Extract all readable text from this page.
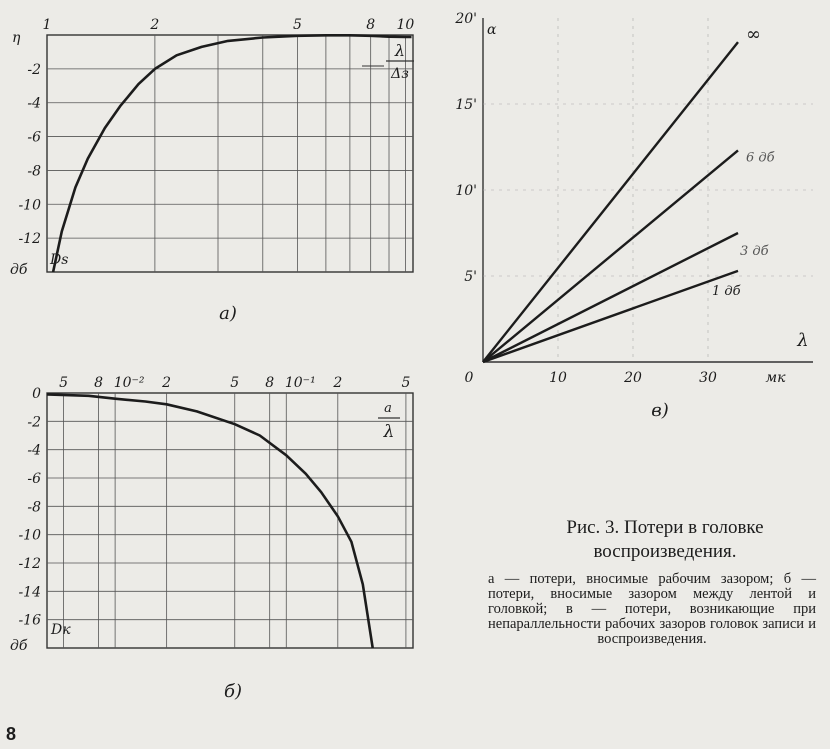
1	2	5	8 10
-2
-4
-6
-8
-10
-12
η
дб
Ds
λ
Δз
а)
5 8 10⁻² 2	5 8 10⁻¹ 2	5
0
-2
-4
-6
-8
-10
-12
-14
-16
дб
Dк
a
λ
б)
0	10	20	30	мк
λ
5'
10'
15'
20'
α	∞
6 дб
3 дб
1 дб
в)
Рис. 3. Потери в головке воспроизведения.
а — потери, вносимые рабочим зазором; б — потери, вносимые зазором между лентой и головкой; в — потери, возникающие при непараллельности рабочих зазоров головок записи и воспроизведения.
8
